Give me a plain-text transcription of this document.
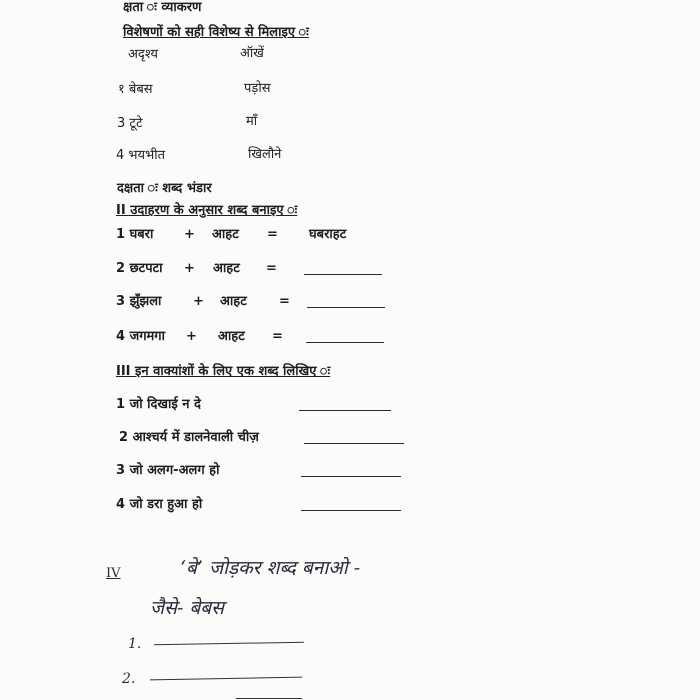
क्षता ः व्याकरण
विशेषणों को सही विशेष्य से मिलाइए ः
अदृश्य	ऑखें
१ बेबस	पड़ोस
3 टूटे	माँ
4 भयभीत	खिलौने
दक्षता ः शब्द भंडार
II उदाहरण के अनुसार शब्द बनाइए ः
1 घबरा + आहट = घबराहट
2 छटपटा + आहट =
3 झुँझला + आहट =
4 जगमगा + आहट =
III इन वाक्यांशों के लिए एक शब्द लिखिए ः
1 जो दिखाई न दे
2 आश्चर्य में डालनेवाली चीज़
3 जो अलग-अलग हो
4 जो डरा हुआ हो
IV	‘बे’ जोड़कर शब्द बनाओ -
जैसे- बेबस
1.
2.
